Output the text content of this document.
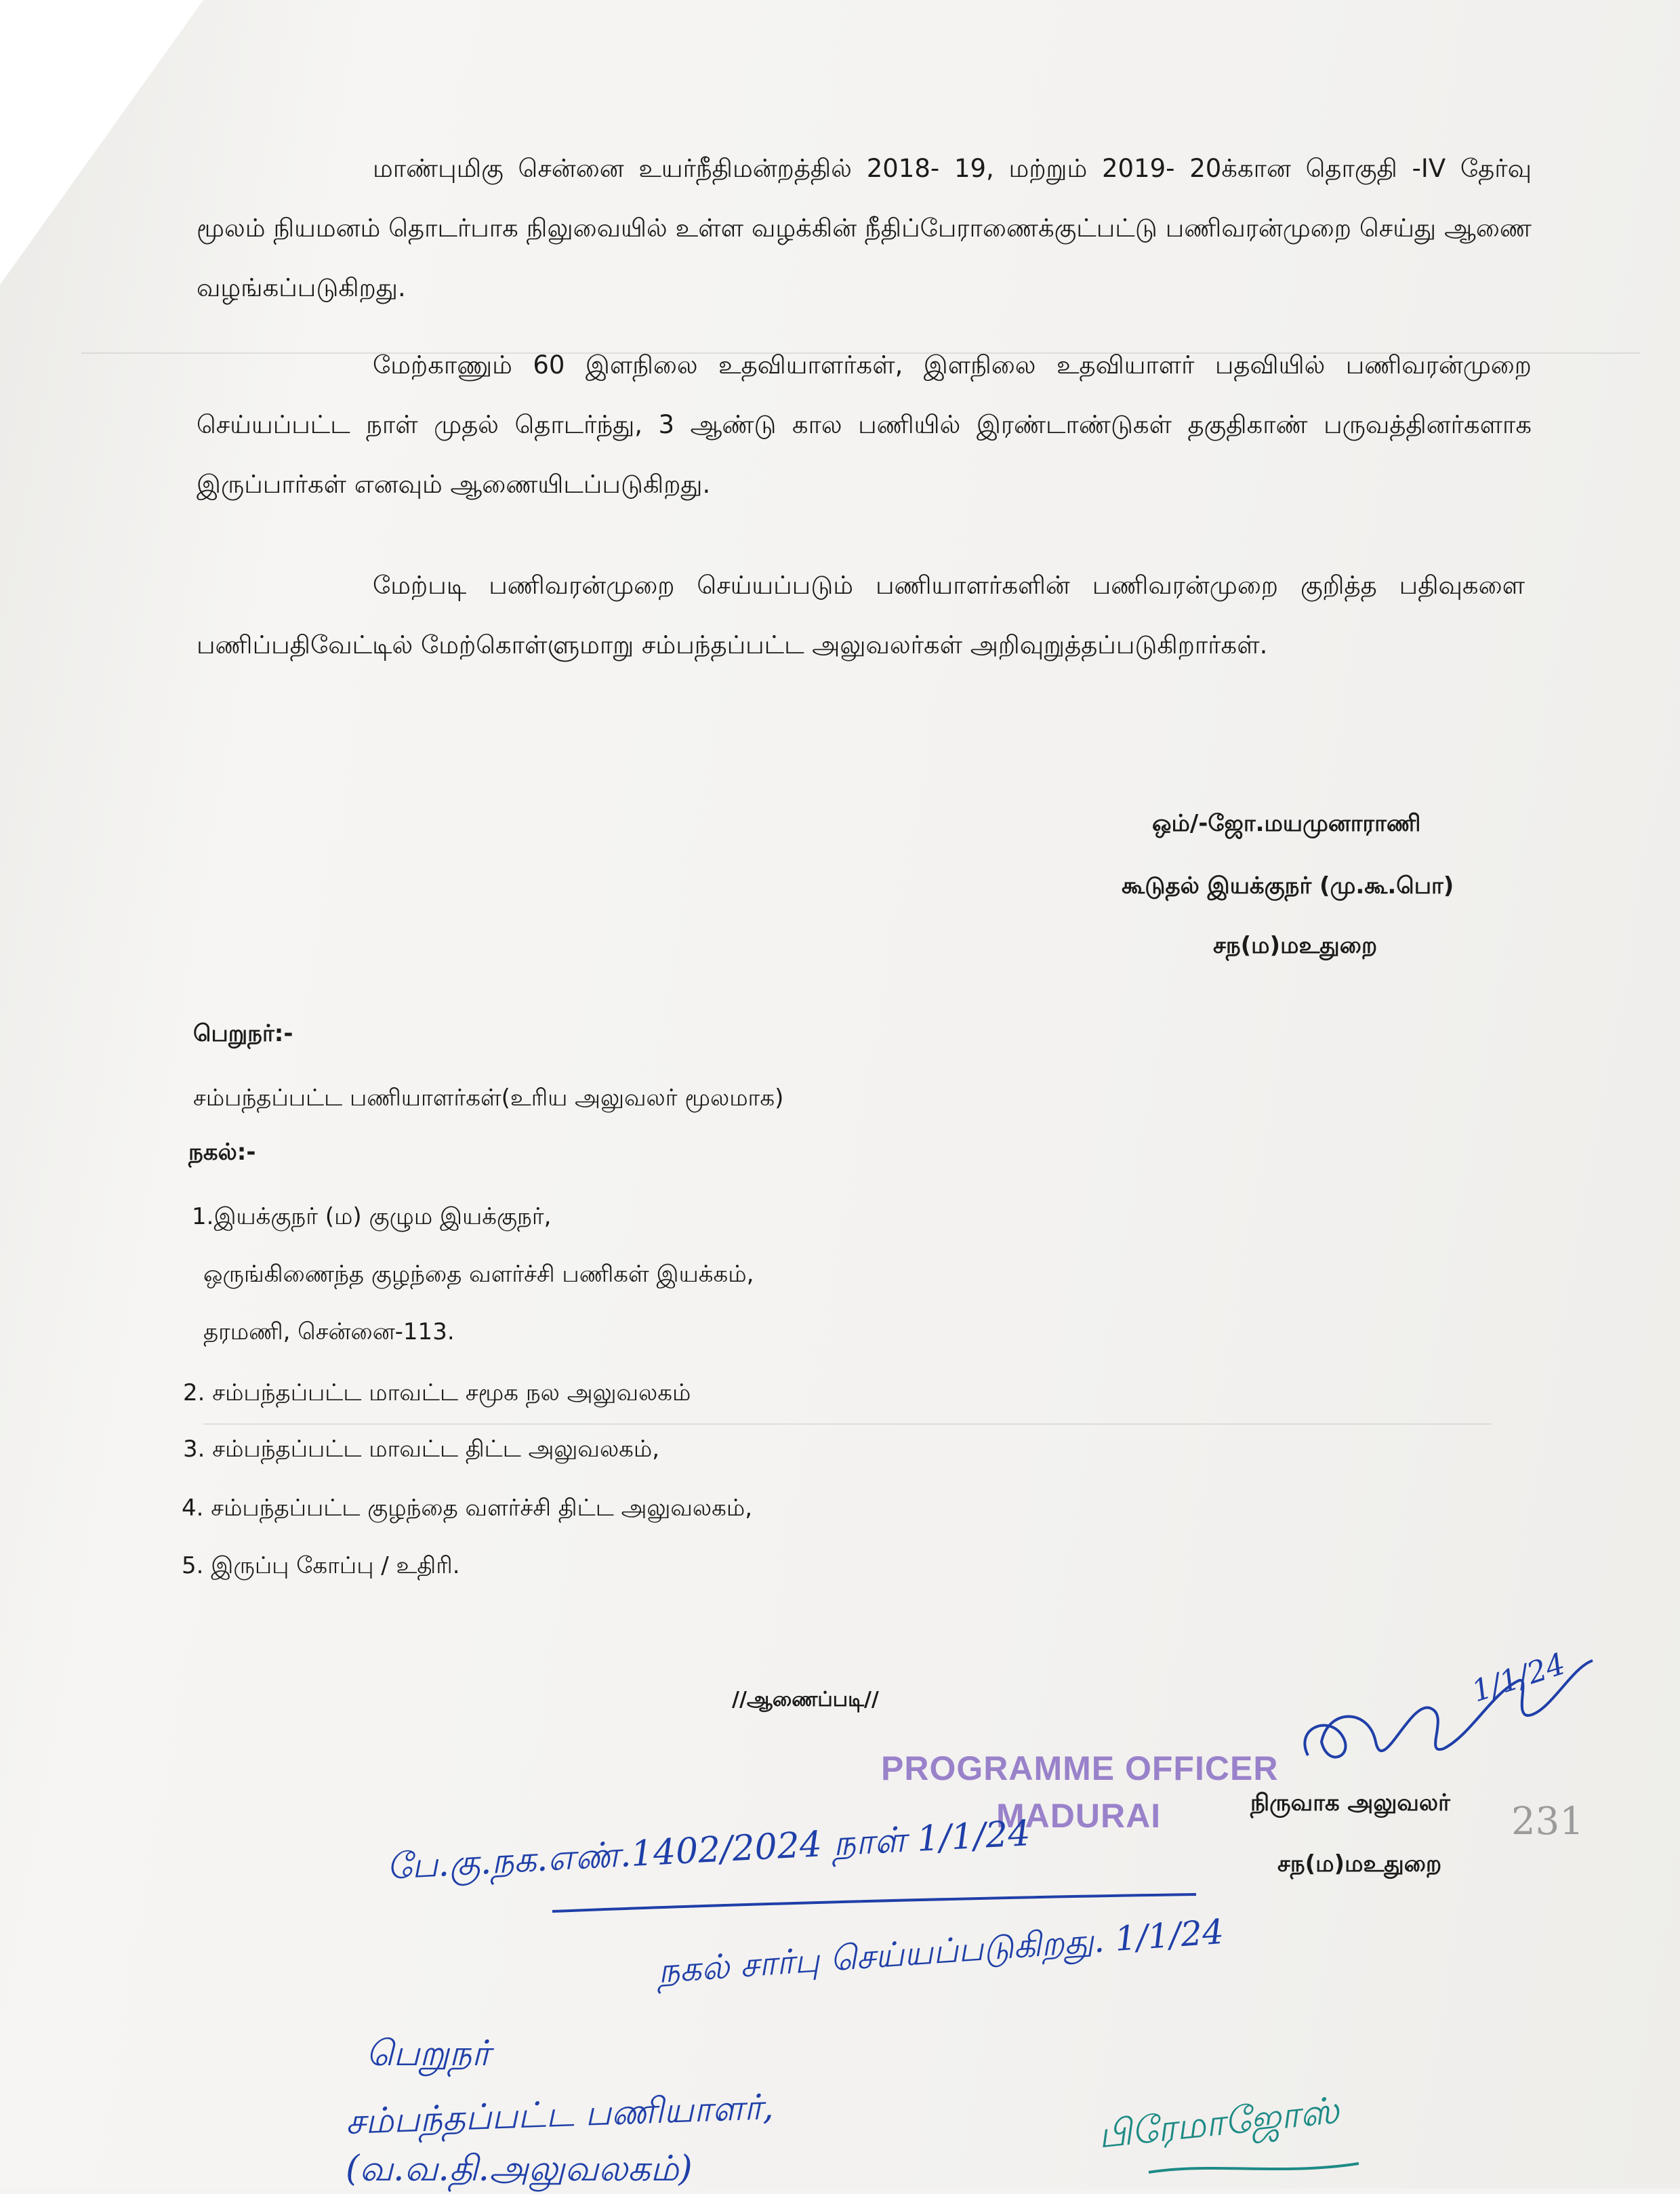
மாண்புமிகு சென்னை உயர்நீதிமன்றத்தில் 2018- 19, மற்றும் 2019- 20க்கான தொகுதி -IV தேர்வு மூலம் நியமனம் தொடர்பாக நிலுவையில் உள்ள வழக்கின் நீதிப்பேராணைக்குட்பட்டு பணிவரன்முறை செய்து ஆணை வழங்கப்படுகிறது.
மேற்காணும் 60 இளநிலை உதவியாளர்கள், இளநிலை உதவியாளர் பதவியில் பணிவரன்முறை செய்யப்பட்ட நாள் முதல் தொடர்ந்து, 3 ஆண்டு கால பணியில் இரண்டாண்டுகள் தகுதிகாண் பருவத்தினர்களாக இருப்பார்கள் எனவும் ஆணையிடப்படுகிறது.
மேற்படி பணிவரன்முறை செய்யப்படும் பணியாளர்களின் பணிவரன்முறை குறித்த பதிவுகளை பணிப்பதிவேட்டில் மேற்கொள்ளுமாறு சம்பந்தப்பட்ட அலுவலர்கள் அறிவுறுத்தப்படுகிறார்கள்.
ஒம்/-ஜோ.மயமுனாராணி
கூடுதல் இயக்குநர் (மு.கூ.பொ)
சந(ம)மஉதுறை
பெறுநர்:-
சம்பந்தப்பட்ட பணியாளர்கள்(உரிய அலுவலர் மூலமாக)
நகல்:-
1.இயக்குநர் (ம) குழும இயக்குநர்,
ஒருங்கிணைந்த குழந்தை வளர்ச்சி பணிகள் இயக்கம்,
தரமணி, சென்னை-113.
2. சம்பந்தப்பட்ட மாவட்ட சமூக நல அலுவலகம்
3. சம்பந்தப்பட்ட மாவட்ட திட்ட அலுவலகம்,
4. சம்பந்தப்பட்ட குழந்தை வளர்ச்சி திட்ட அலுவலகம்,
5. இருப்பு கோப்பு / உதிரி.
//ஆணைப்படி//
PROGRAMME OFFICER
MADURAI	நிருவாக அலுவலர்
சந(ம)மஉதுறை
1/1/24
231
பே.கு.நக.எண்.1402/2024 நாள் 1/1/24
நகல் சார்பு செய்யப்படுகிறது. 1/1/24
பெறுநர்
சம்பந்தப்பட்ட பணியாளர்,
(வ.வ.தி.அலுவலகம்)
பிரேமாஜோஸ்
